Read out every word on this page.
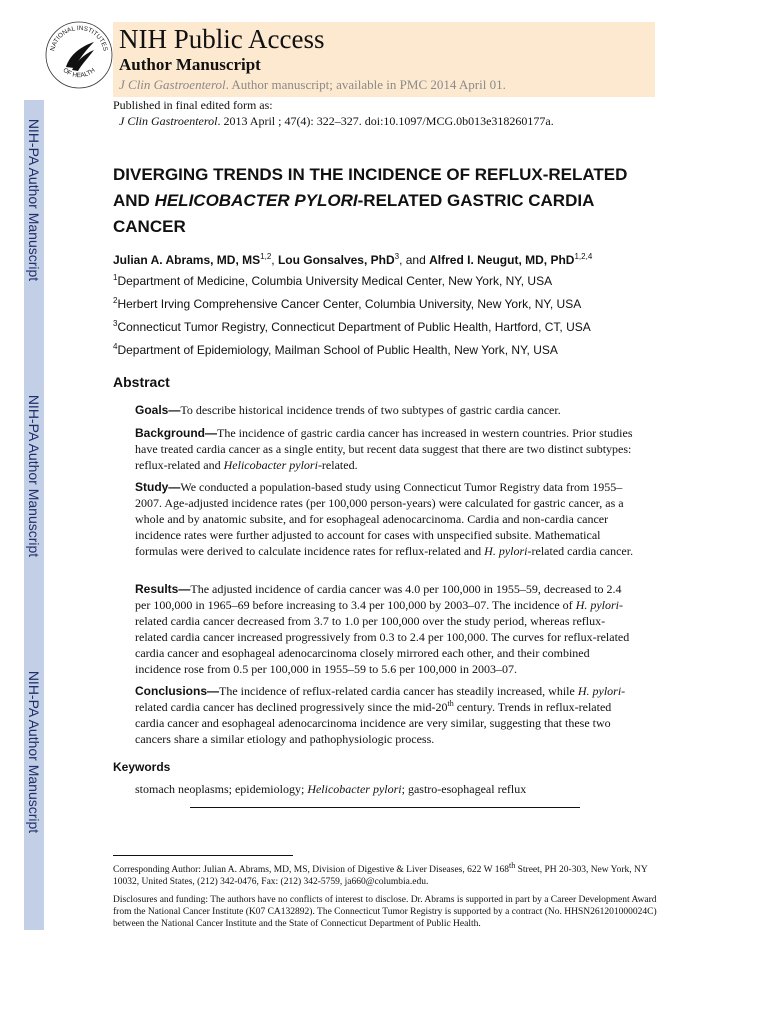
NIH-PA Author Manuscript
NIH-PA Author Manuscript
NIH-PA Author Manuscript
NATIONAL INSTITUTES
OF HEALTH
NIH Public Access
Author Manuscript
J Clin Gastroenterol. Author manuscript; available in PMC 2014 April 01.
Published in final edited form as:
J Clin Gastroenterol. 2013 April ; 47(4): 322–327. doi:10.1097/MCG.0b013e318260177a.
DIVERGING TRENDS IN THE INCIDENCE OF REFLUX-RELATED
AND HELICOBACTER PYLORI-RELATED GASTRIC CARDIA
CANCER
Julian A. Abrams, MD, MS$^{1,2}$, Lou Gonsalves, PhD$^3$, and Alfred I. Neugut, MD, PhD$^{1,2,4}$
$^1$Department of Medicine, Columbia University Medical Center, New York, NY, USA
$^2$Herbert Irving Comprehensive Cancer Center, Columbia University, New York, NY, USA
$^3$Connecticut Tumor Registry, Connecticut Department of Public Health, Hartford, CT, USA
$^4$Department of Epidemiology, Mailman School of Public Health, New York, NY, USA
Abstract
Goals—To describe historical incidence trends of two subtypes of gastric cardia cancer.
Background—The incidence of gastric cardia cancer has increased in western countries. Prior studies have treated cardia cancer as a single entity, but recent data suggest that there are two distinct subtypes: reflux-related and Helicobacter pylori-related.
Study—We conducted a population-based study using Connecticut Tumor Registry data from 1955–2007. Age-adjusted incidence rates (per 100,000 person-years) were calculated for gastric cancer, as a whole and by anatomic subsite, and for esophageal adenocarcinoma. Cardia and non-cardia cancer incidence rates were further adjusted to account for cases with unspecified subsite. Mathematical formulas were derived to calculate incidence rates for reflux-related and H. pylori-related cardia cancer.
Results—The adjusted incidence of cardia cancer was 4.0 per 100,000 in 1955–59, decreased to 2.4 per 100,000 in 1965–69 before increasing to 3.4 per 100,000 by 2003–07. The incidence of H. pylori-related cardia cancer decreased from 3.7 to 1.0 per 100,000 over the study period, whereas reflux-related cardia cancer increased progressively from 0.3 to 2.4 per 100,000. The curves for reflux-related cardia cancer and esophageal adenocarcinoma closely mirrored each other, and their combined incidence rose from 0.5 per 100,000 in 1955–59 to 5.6 per 100,000 in 2003–07.
Conclusions—The incidence of reflux-related cardia cancer has steadily increased, while H. pylori-related cardia cancer has declined progressively since the mid-20th century. Trends in reflux-related cardia cancer and esophageal adenocarcinoma incidence are very similar, suggesting that these two cancers share a similar etiology and pathophysiologic process.
Keywords
stomach neoplasms; epidemiology; Helicobacter pylori; gastro-esophageal reflux
Corresponding Author: Julian A. Abrams, MD, MS, Division of Digestive & Liver Diseases, 622 W 168th Street, PH 20-303, New York, NY 10032, United States, (212) 342-0476, Fax: (212) 342-5759, ja660@columbia.edu.
Disclosures and funding: The authors have no conflicts of interest to disclose. Dr. Abrams is supported in part by a Career Development Award from the National Cancer Institute (K07 CA132892). The Connecticut Tumor Registry is supported by a contract (No. HHSN261201000024C) between the National Cancer Institute and the State of Connecticut Department of Public Health.
